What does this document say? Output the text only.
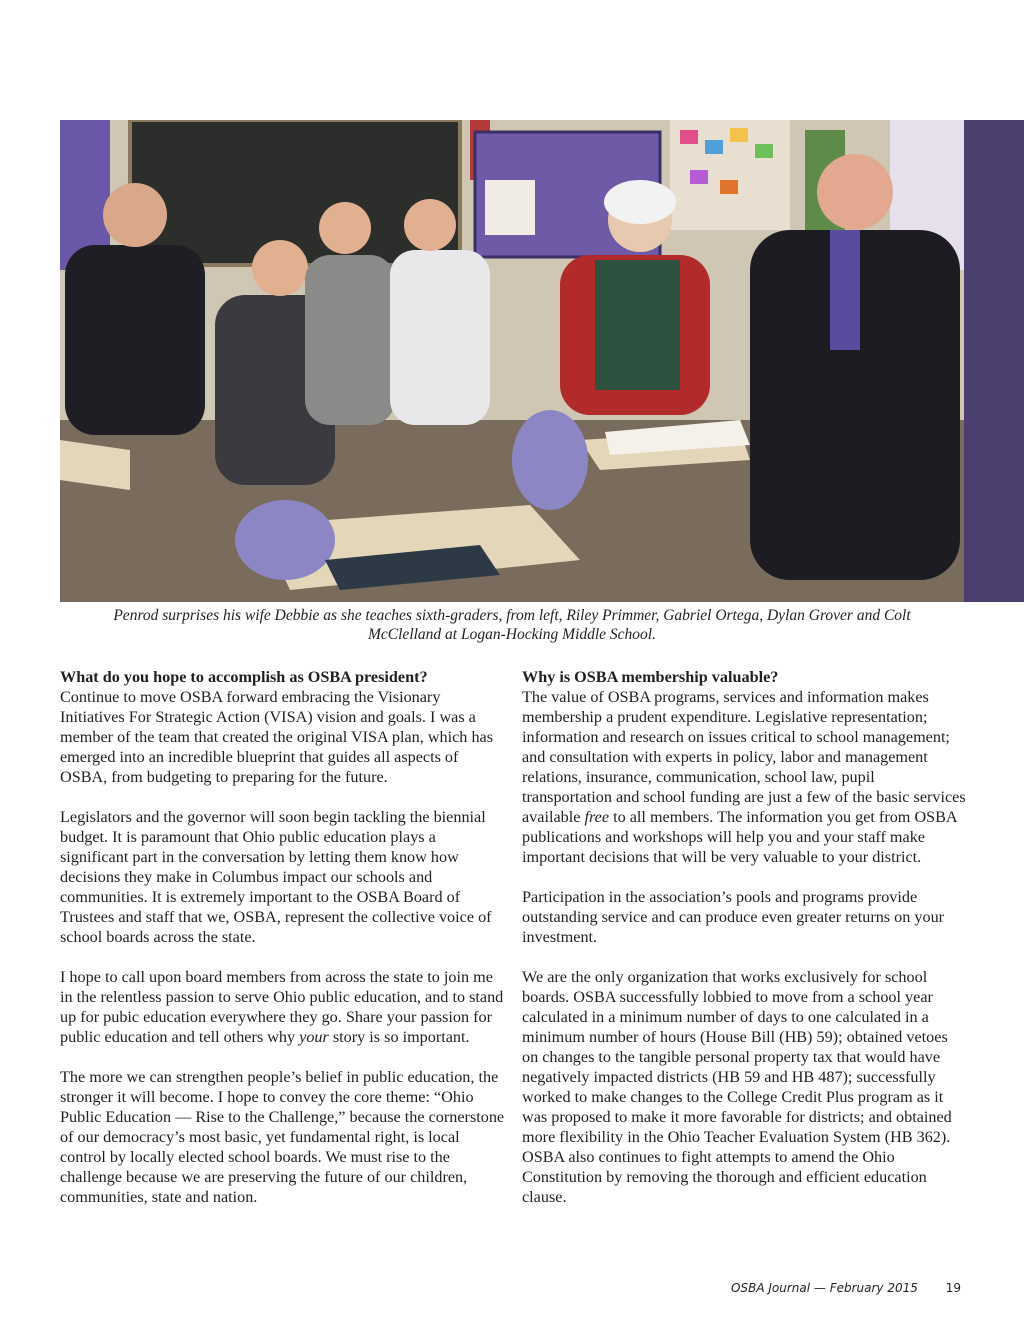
Penrod surprises his wife Debbie as she teaches sixth-graders, from left, Riley Primmer, Gabriel Ortega, Dylan Grover and Colt
McClelland at Logan-Hocking Middle School.
What do you hope to accomplish as OSBA president?

Continue to move OSBA forward embracing the Visionary Initiatives For Strategic Action (VISA) vision and goals. I was a member of the team that created the original VISA plan, which has emerged into an incredible blueprint that guides all aspects of OSBA, from budgeting to preparing for the future.

Legislators and the governor will soon begin tackling the biennial budget. It is paramount that Ohio public education plays a significant part in the conversation by letting them know how decisions they make in Columbus impact our schools and communities. It is extremely important to the OSBA Board of Trustees and staff that we, OSBA, represent the collective voice of school boards across the state.

I hope to call upon board members from across the state to join me in the relentless passion to serve Ohio public education, and to stand up for pubic education everywhere they go. Share your passion for public education and tell others why your story is so important.

The more we can strengthen people’s belief in public education, the stronger it will become. I hope to convey the core theme: “Ohio Public Education — Rise to the Challenge,” because the cornerstone of our democracy’s most basic, yet fundamental right, is local control by locally elected school boards. We must rise to the challenge because we are preserving the future of our children, communities, state and nation.

Why is OSBA membership valuable?

The value of OSBA programs, services and information makes membership a prudent expenditure. Legislative representation; information and research on issues critical to school management; and consultation with experts in policy, labor and management relations, insurance, communication, school law, pupil transportation and school funding are just a few of the basic services available free to all members. The information you get from OSBA publications and workshops will help you and your staff make important decisions that will be very valuable to your district.

Participation in the association’s pools and programs provide outstanding service and can produce even greater returns on your investment.

We are the only organization that works exclusively for school boards. OSBA successfully lobbied to move from a school year calculated in a minimum number of days to one calculated in a minimum number of hours (House Bill (HB) 59); obtained vetoes on changes to the tangible personal property tax that would have negatively impacted districts (HB 59 and HB 487); successfully worked to make changes to the College Credit Plus program as it was proposed to make it more favorable for districts; and obtained more flexibility in the Ohio Teacher Evaluation System (HB 362). OSBA also continues to fight attempts to amend the Ohio Constitution by removing the thorough and efficient education clause.

OSBA Journal — February 2015 19
